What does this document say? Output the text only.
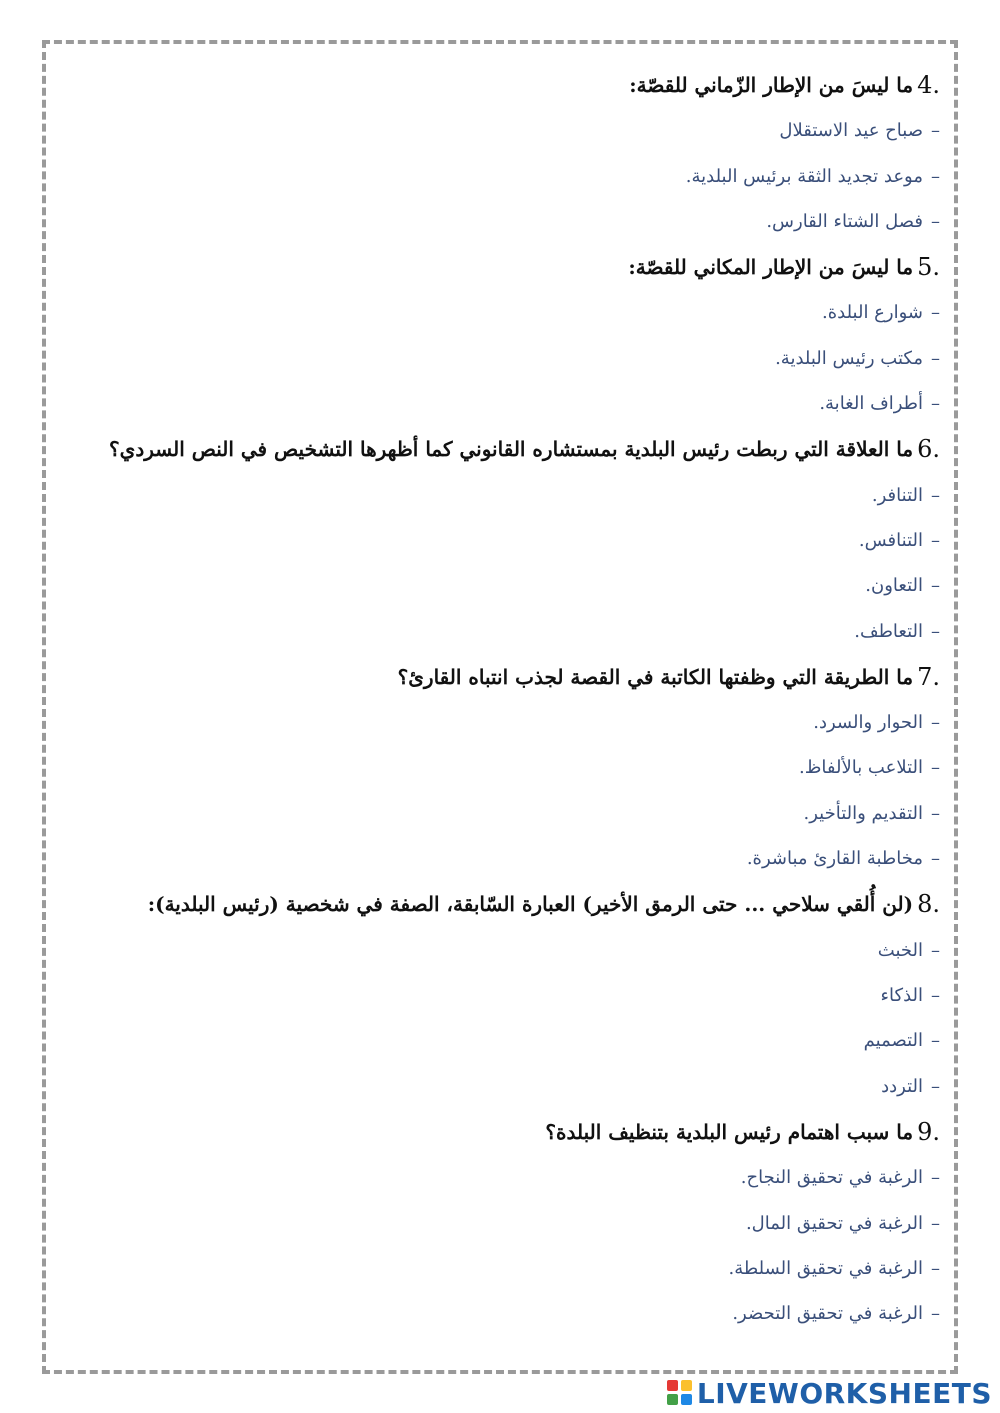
4.
ما ليسَ من الإطار الزّماني للقصّة:
–
صباح عيد الاستقلال
–
موعد تجديد الثقة برئيس البلدية.
–
فصل الشتاء القارس.
5.
ما ليسَ من الإطار المكاني للقصّة:
–
شوارع البلدة.
–
مكتب رئيس البلدية.
–
أطراف الغابة.
6.
ما العلاقة التي ربطت رئيس البلدية بمستشاره القانوني كما أظهرها التشخيص في النص السردي؟
–
التنافر.
–
التنافس.
–
التعاون.
–
التعاطف.
7.
ما الطريقة التي وظفتها الكاتبة في القصة لجذب انتباه القارئ؟
–
الحوار والسرد.
–
التلاعب بالألفاظ.
–
التقديم والتأخير.
–
مخاطبة القارئ مباشرة.
8.
(لن أُلقي سلاحي ... حتى الرمق الأخير) العبارة السّابقة، الصفة في شخصية (رئيس البلدية):
–
الخبث
–
الذكاء
–
التصميم
–
التردد
9.
ما سبب اهتمام رئيس البلدية بتنظيف البلدة؟
–
الرغبة في تحقيق النجاح.
–
الرغبة في تحقيق المال.
–
الرغبة في تحقيق السلطة.
–
الرغبة في تحقيق التحضر.
LIVEWORKSHEETS
